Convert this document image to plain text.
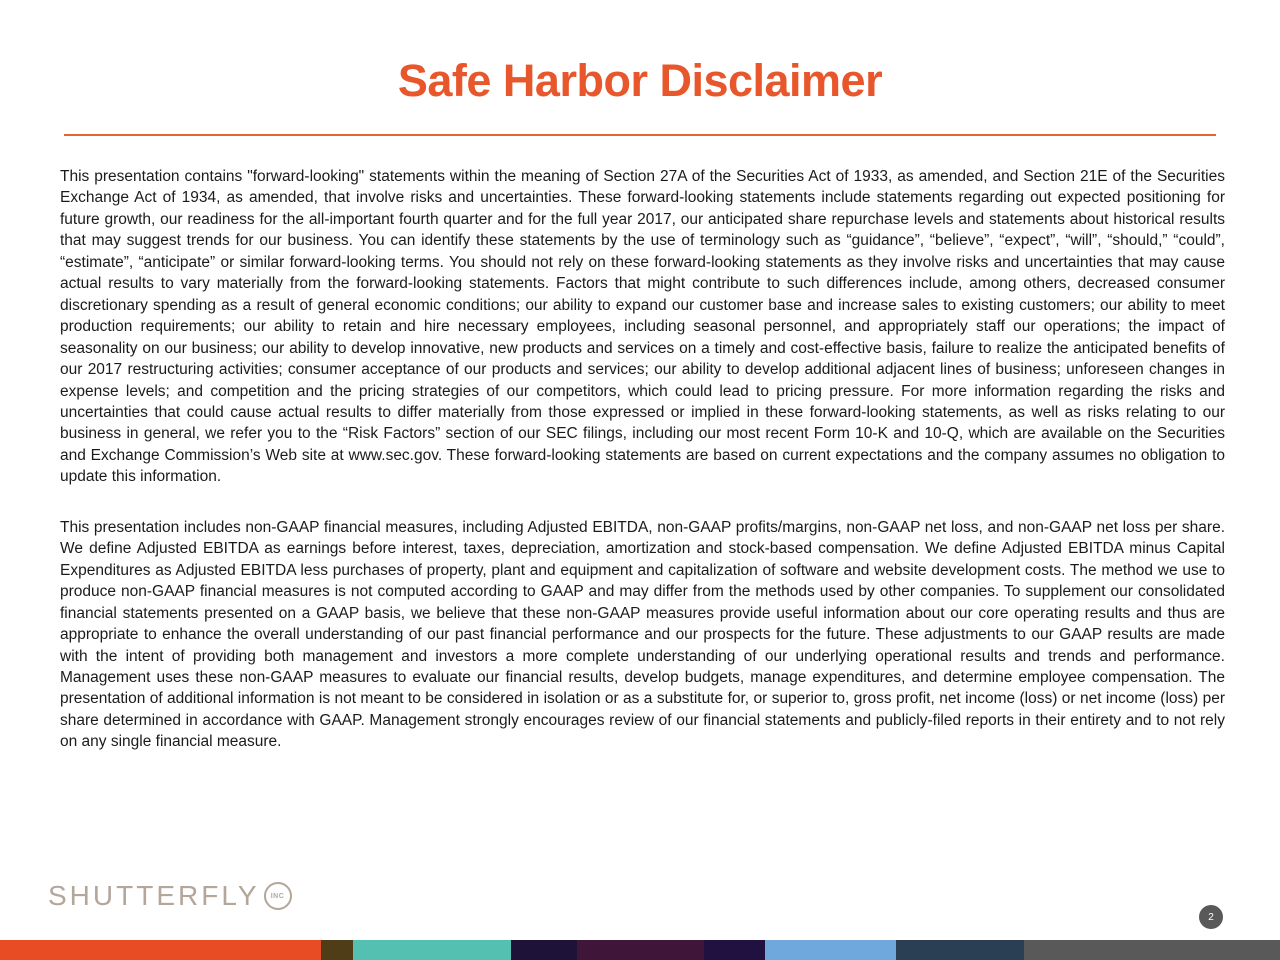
Safe Harbor Disclaimer

This presentation contains "forward-looking" statements within the meaning of Section 27A of the Securities Act of 1933, as amended, and Section 21E of the Securities Exchange Act of 1934, as amended, that involve risks and uncertainties. These forward-looking statements include statements regarding out expected positioning for future growth, our readiness for the all-important fourth quarter and for the full year 2017, our anticipated share repurchase levels and statements about historical results that may suggest trends for our business. You can identify these statements by the use of terminology such as “guidance”, “believe”, “expect”, “will”, “should,” “could”, “estimate”, “anticipate” or similar forward-looking terms. You should not rely on these forward-looking statements as they involve risks and uncertainties that may cause actual results to vary materially from the forward-looking statements. Factors that might contribute to such differences include, among others, decreased consumer discretionary spending as a result of general economic conditions; our ability to expand our customer base and increase sales to existing customers; our ability to meet production requirements; our ability to retain and hire necessary employees, including seasonal personnel, and appropriately staff our operations; the impact of seasonality on our business; our ability to develop innovative, new products and services on a timely and cost-effective basis, failure to realize the anticipated benefits of our 2017 restructuring activities; consumer acceptance of our products and services; our ability to develop additional adjacent lines of business; unforeseen changes in expense levels; and competition and the pricing strategies of our competitors, which could lead to pricing pressure. For more information regarding the risks and uncertainties that could cause actual results to differ materially from those expressed or implied in these forward-looking statements, as well as risks relating to our business in general, we refer you to the “Risk Factors” section of our SEC filings, including our most recent Form 10-K and 10-Q, which are available on the Securities and Exchange Commission’s Web site at www.sec.gov. These forward-looking statements are based on current expectations and the company assumes no obligation to update this information.

This presentation includes non-GAAP financial measures, including Adjusted EBITDA, non-GAAP profits/margins, non-GAAP net loss, and non-GAAP net loss per share. We define Adjusted EBITDA as earnings before interest, taxes, depreciation, amortization and stock-based compensation. We define Adjusted EBITDA minus Capital Expenditures as Adjusted EBITDA less purchases of property, plant and equipment and capitalization of software and website development costs. The method we use to produce non-GAAP financial measures is not computed according to GAAP and may differ from the methods used by other companies. To supplement our consolidated financial statements presented on a GAAP basis, we believe that these non-GAAP measures provide useful information about our core operating results and thus are appropriate to enhance the overall understanding of our past financial performance and our prospects for the future. These adjustments to our GAAP results are made with the intent of providing both management and investors a more complete understanding of our underlying operational results and trends and performance. Management uses these non-GAAP measures to evaluate our financial results, develop budgets, manage expenditures, and determine employee compensation. The presentation of additional information is not meant to be considered in isolation or as a substitute for, or superior to, gross profit, net income (loss) or net income (loss) per share determined in accordance with GAAP. Management strongly encourages review of our financial statements and publicly-filed reports in their entirety and to not rely on any single financial measure.

SHUTTERFLY INC
2
